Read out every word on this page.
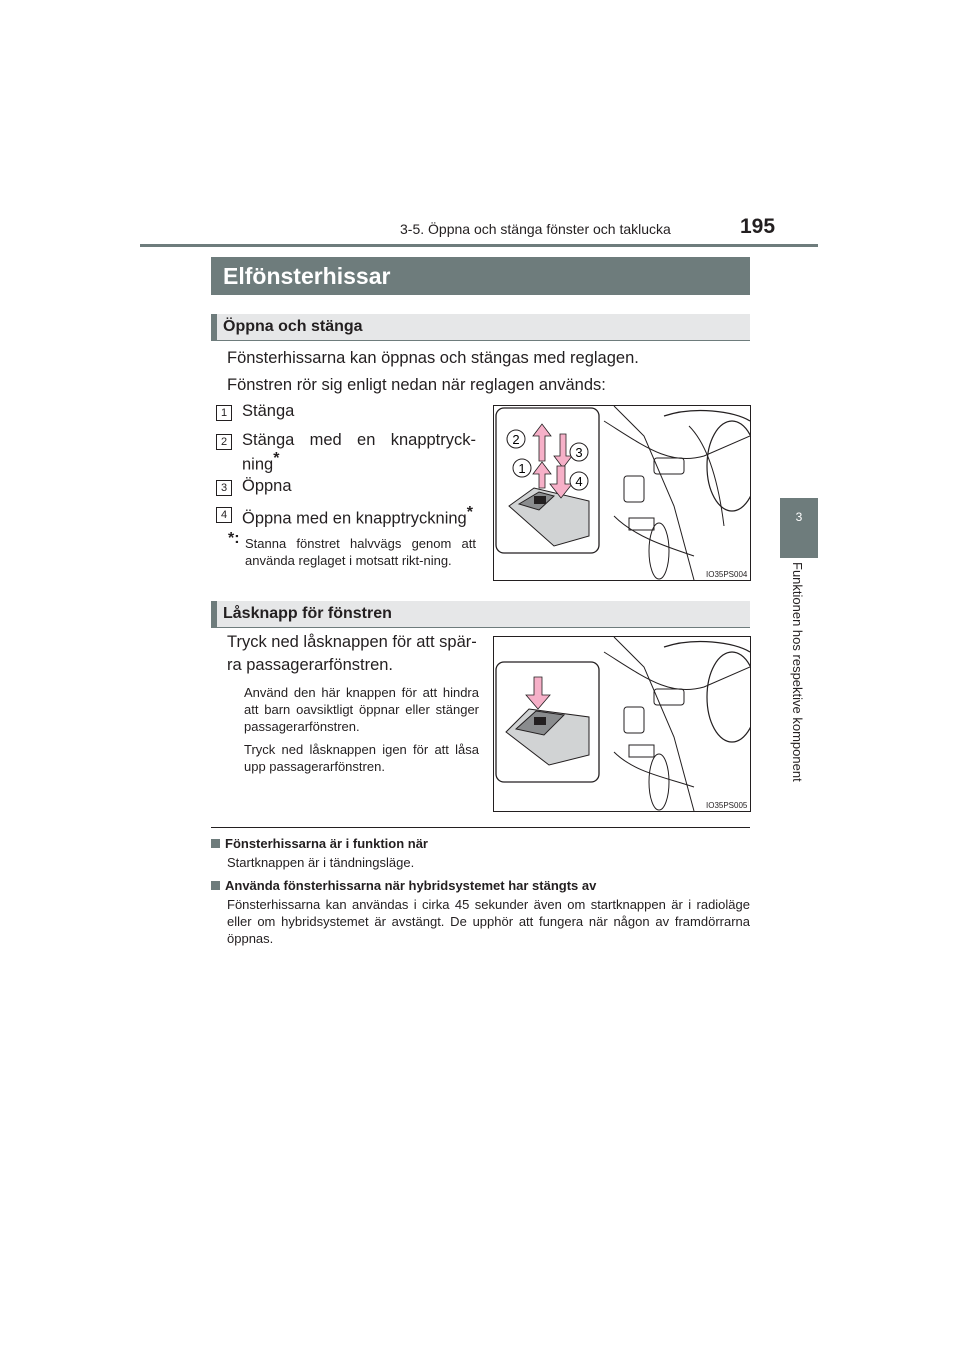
3-5. Öppna och stänga fönster och taklucka	195
3
Funktionen hos respektive komponent
Elfönsterhissar
Öppna och stänga
Fönsterhissarna kan öppnas och stängas med reglagen.
Fönstren rör sig enligt nedan när reglagen används:
1 Stänga
2 Stänga med en knapptryck-
ning*
3 Öppna
4 Öppna med en knapptryckning*
*: Stanna fönstret halvvägs genom att använda reglaget i motsatt rikt-ning.
2
3
1
4
IO35PS004
Låsknapp för fönstren
Tryck ned låsknappen för att spär-
ra passagerarfönstren.
Använd den här knappen för att hindra att barn oavsiktligt öppnar eller stänger passagerarfönstren.
Tryck ned låsknappen igen för att låsa upp passagerarfönstren.
IO35PS005
Fönsterhissarna är i funktion när
Startknappen är i tändningsläge.
Använda fönsterhissarna när hybridsystemet har stängts av
Fönsterhissarna kan användas i cirka 45 sekunder även om startknappen är i radioläge eller om hybridsystemet är avstängt. De upphör att fungera när någon av framdörrarna öppnas.
